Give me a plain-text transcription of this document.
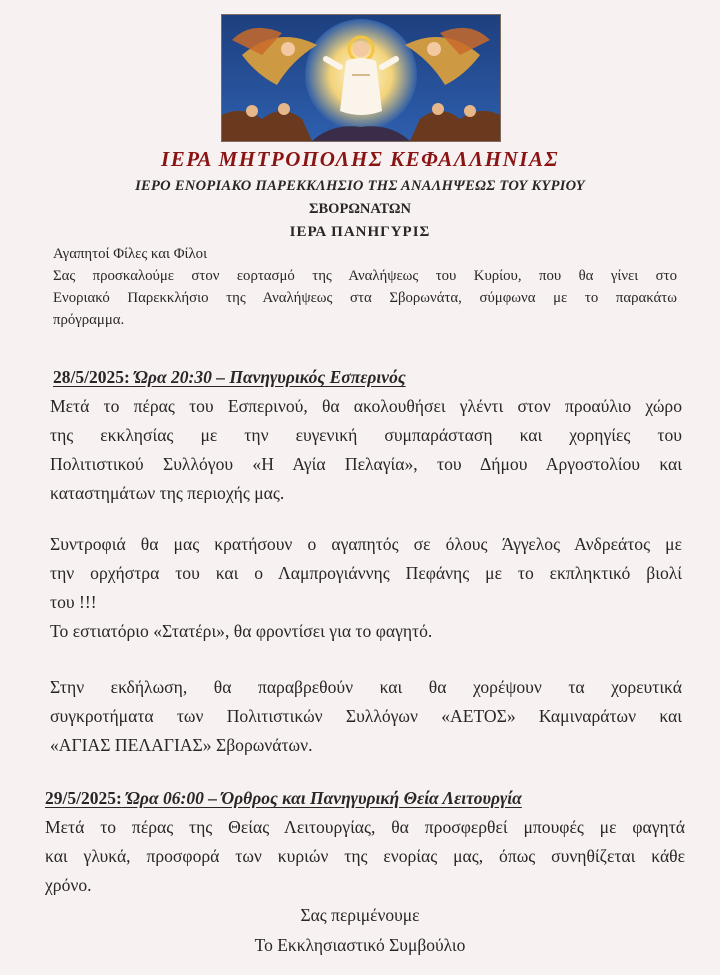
ΙΕΡΑ ΜΗΤΡΟΠΟΛΗΣ ΚΕΦΑΛΛΗΝΙΑΣ
ΙΕΡΟ ΕΝΟΡΙΑΚΟ ΠΑΡΕΚΚΛΗΣΙΟ ΤΗΣ ΑΝΑΛΗΨΕΩΣ ΤΟΥ ΚΥΡΙΟΥ
ΣΒΟΡΩΝΑΤΩΝ
ΙΕΡΑ ΠΑΝΗΓΥΡΙΣ
Αγαπητοί Φίλες και Φίλοι
Σας προσκαλούμε στον εορτασμό της Αναλήψεως του Κυρίου, που θα γίνει στο
Ενοριακό Παρεκκλήσιο της Αναλήψεως στα Σβορωνάτα, σύμφωνα με το παρακάτω
πρόγραμμα.
28/5/2025: Ώρα 20:30 – Πανηγυρικός Εσπερινός
Μετά το πέρας του Εσπερινού, θα ακολουθήσει γλέντι στον προαύλιο χώρο
της εκκλησίας με την ευγενική συμπαράσταση και χορηγίες του
Πολιτιστικού Συλλόγου «Η Αγία Πελαγία», του Δήμου Αργοστολίου και
καταστημάτων της περιοχής μας.
Συντροφιά θα μας κρατήσουν ο αγαπητός σε όλους Άγγελος Ανδρεάτος με
την ορχήστρα του και ο Λαμπρογιάννης Πεφάνης με το εκπληκτικό βιολί
του !!!
Το εστιατόριο «Στατέρι», θα φροντίσει για το φαγητό.
Στην εκδήλωση, θα παραβρεθούν και θα χορέψουν τα χορευτικά
συγκροτήματα των Πολιτιστικών Συλλόγων «ΑΕΤΟΣ» Καμιναράτων και
«ΑΓΙΑΣ ΠΕΛΑΓΙΑΣ» Σβορωνάτων.
29/5/2025: Ώρα 06:00 – Όρθρος και Πανηγυρική Θεία Λειτουργία
Μετά το πέρας της Θείας Λειτουργίας, θα προσφερθεί μπουφές με φαγητά
και γλυκά, προσφορά των κυριών της ενορίας μας, όπως συνηθίζεται κάθε
χρόνο.
Σας περιμένουμε
Το Εκκλησιαστικό Συμβούλιο
